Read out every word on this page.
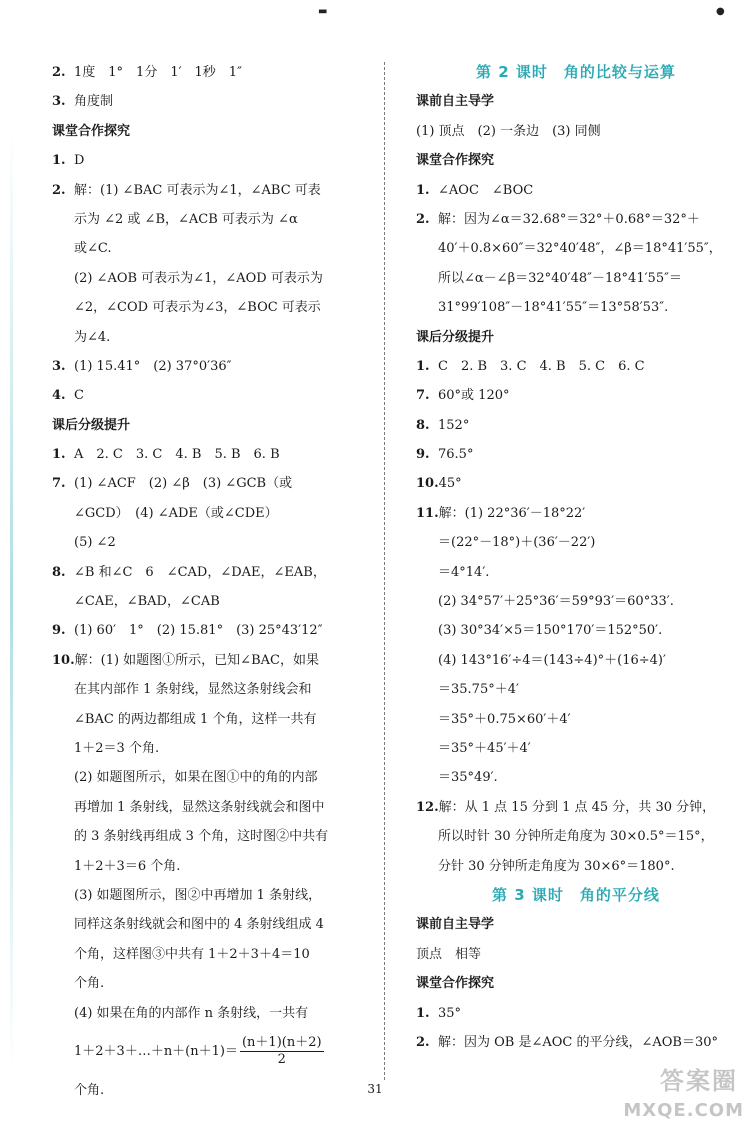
▬	●
2. 1度　1°　1分　1′　1秒　1″
3. 角度制
课堂合作探究
1. D
2. 解：(1) ∠BAC 可表示为∠1，∠ABC 可表
示为 ∠2 或 ∠B，∠ACB 可表示为 ∠α
或∠C.
(2) ∠AOB 可表示为∠1，∠AOD 可表示为
∠2，∠COD 可表示为∠3，∠BOC 可表示
为∠4.
3. (1) 15.41°　(2) 37°0′36″
4. C
课后分级提升
1. A　2. C　3. C　4. B　5. B　6. B
7. (1) ∠ACF　(2) ∠β　(3) ∠GCB（或
∠GCD）　(4) ∠ADE（或∠CDE）
(5) ∠2
8. ∠B 和∠C　6　∠CAD，∠DAE，∠EAB，
∠CAE，∠BAD，∠CAB
9. (1) 60′　1°　(2) 15.81°　(3) 25°43′12″
10.解：(1) 如题图①所示，已知∠BAC，如果
在其内部作 1 条射线，显然这条射线会和
∠BAC 的两边都组成 1 个角，这样一共有
1＋2＝3 个角.
(2) 如题图所示，如果在图①中的角的内部
再增加 1 条射线，显然这条射线就会和图中
的 3 条射线再组成 3 个角，这时图②中共有
1＋2＋3＝6 个角.
(3) 如题图所示，图②中再增加 1 条射线，
同样这条射线就会和图中的 4 条射线组成 4
个角，这样图③中共有 1＋2＋3＋4＝10
个角.
(4) 如果在角的内部作 n 条射线，一共有
1＋2＋3＋…＋n＋(n＋1)＝ $\frac{(n+1)(n+2)}{2}$
个角.
第 2 课时　角的比较与运算
课前自主导学
(1) 顶点　(2) 一条边　(3) 同侧
课堂合作探究
1. ∠AOC　∠BOC
2. 解：因为∠α＝32.68°＝32°＋0.68°＝32°＋
40′＋0.8×60″＝32°40′48″，∠β＝18°41′55″，
所以∠α－∠β＝32°40′48″－18°41′55″＝
31°99′108″－18°41′55″＝13°58′53″.
课后分级提升
1. C　2. B　3. C　4. B　5. C　6. C
7. 60°或 120°
8. 152°
9. 76.5°
10.45°
11.解：(1) 22°36′－18°22′
＝(22°－18°)＋(36′－22′)
＝4°14′.
(2) 34°57′＋25°36′＝59°93′＝60°33′.
(3) 30°34′×5＝150°170′＝152°50′.
(4) 143°16′÷4＝(143÷4)°＋(16÷4)′
＝35.75°＋4′
＝35°＋0.75×60′＋4′
＝35°＋45′＋4′
＝35°49′.
12.解：从 1 点 15 分到 1 点 45 分，共 30 分钟，
所以时针 30 分钟所走角度为 30×0.5°＝15°，
分针 30 分钟所走角度为 30×6°＝180°.
第 3 课时　角的平分线
课前自主导学
顶点　相等
课堂合作探究
1. 35°
2. 解：因为 OB 是∠AOC 的平分线，∠AOB＝30°
31	答案圈
MXQE.COM
